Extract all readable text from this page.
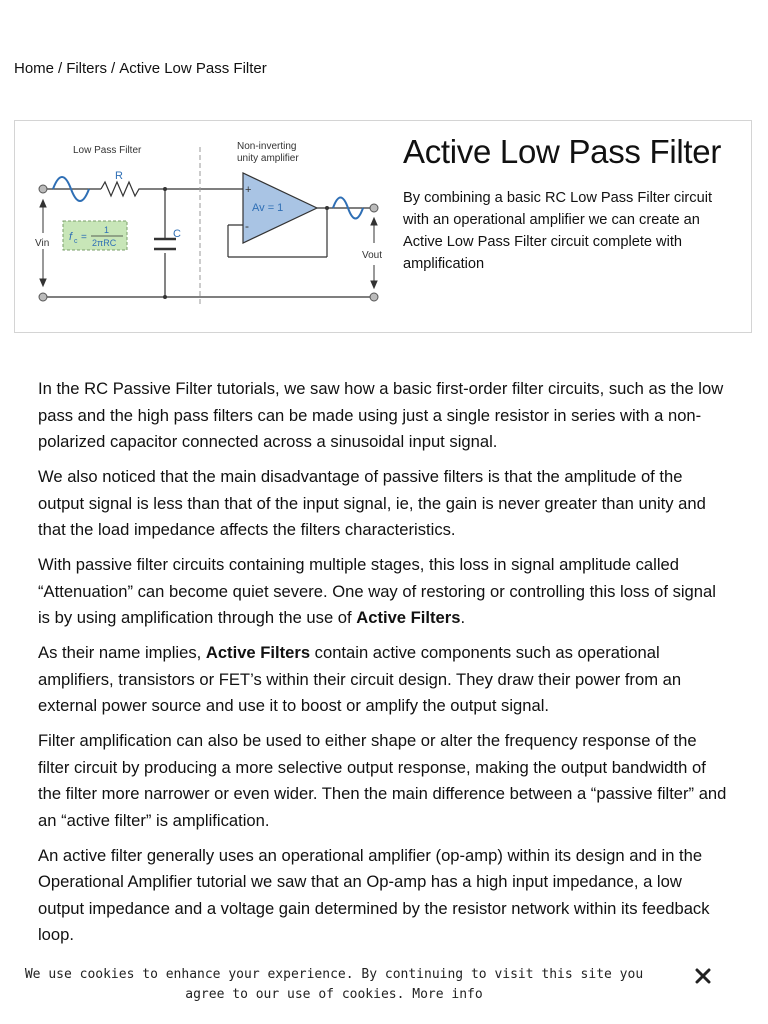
Home / Filters / Active Low Pass Filter
Low Pass Filter	Non-inverting
unity amplifier
R
C
Av = 1
+
-
f c =
1
2πRC
Vin
Vout
Active Low Pass Filter

By combining a basic RC Low Pass Filter circuit with an operational amplifier we can create an Active Low Pass Filter circuit complete with amplification

In the RC Passive Filter tutorials, we saw how a basic first-order filter circuits, such as the low pass and the high pass filters can be made using just a single resistor in series with a non-polarized capacitor connected across a sinusoidal input signal.

We also noticed that the main disadvantage of passive filters is that the amplitude of the output signal is less than that of the input signal, ie, the gain is never greater than unity and that the load impedance affects the filters characteristics.

With passive filter circuits containing multiple stages, this loss in signal amplitude called “Attenuation” can become quiet severe. One way of restoring or controlling this loss of signal is by using amplification through the use of Active Filters.

As their name implies, Active Filters contain active components such as operational amplifiers, transistors or FET’s within their circuit design. They draw their power from an external power source and use it to boost or amplify the output signal.

Filter amplification can also be used to either shape or alter the frequency response of the filter circuit by producing a more selective output response, making the output bandwidth of the filter more narrower or even wider. Then the main difference between a “passive filter” and an “active filter” is amplification.

An active filter generally uses an operational amplifier (op-amp) within its design and in the Operational Amplifier tutorial we saw that an Op-amp has a high input impedance, a low output impedance and a voltage gain determined by the resistor network within its feedback loop.

We use cookies to enhance your experience. By continuing to visit this site you agree to our use of cookies. More info
